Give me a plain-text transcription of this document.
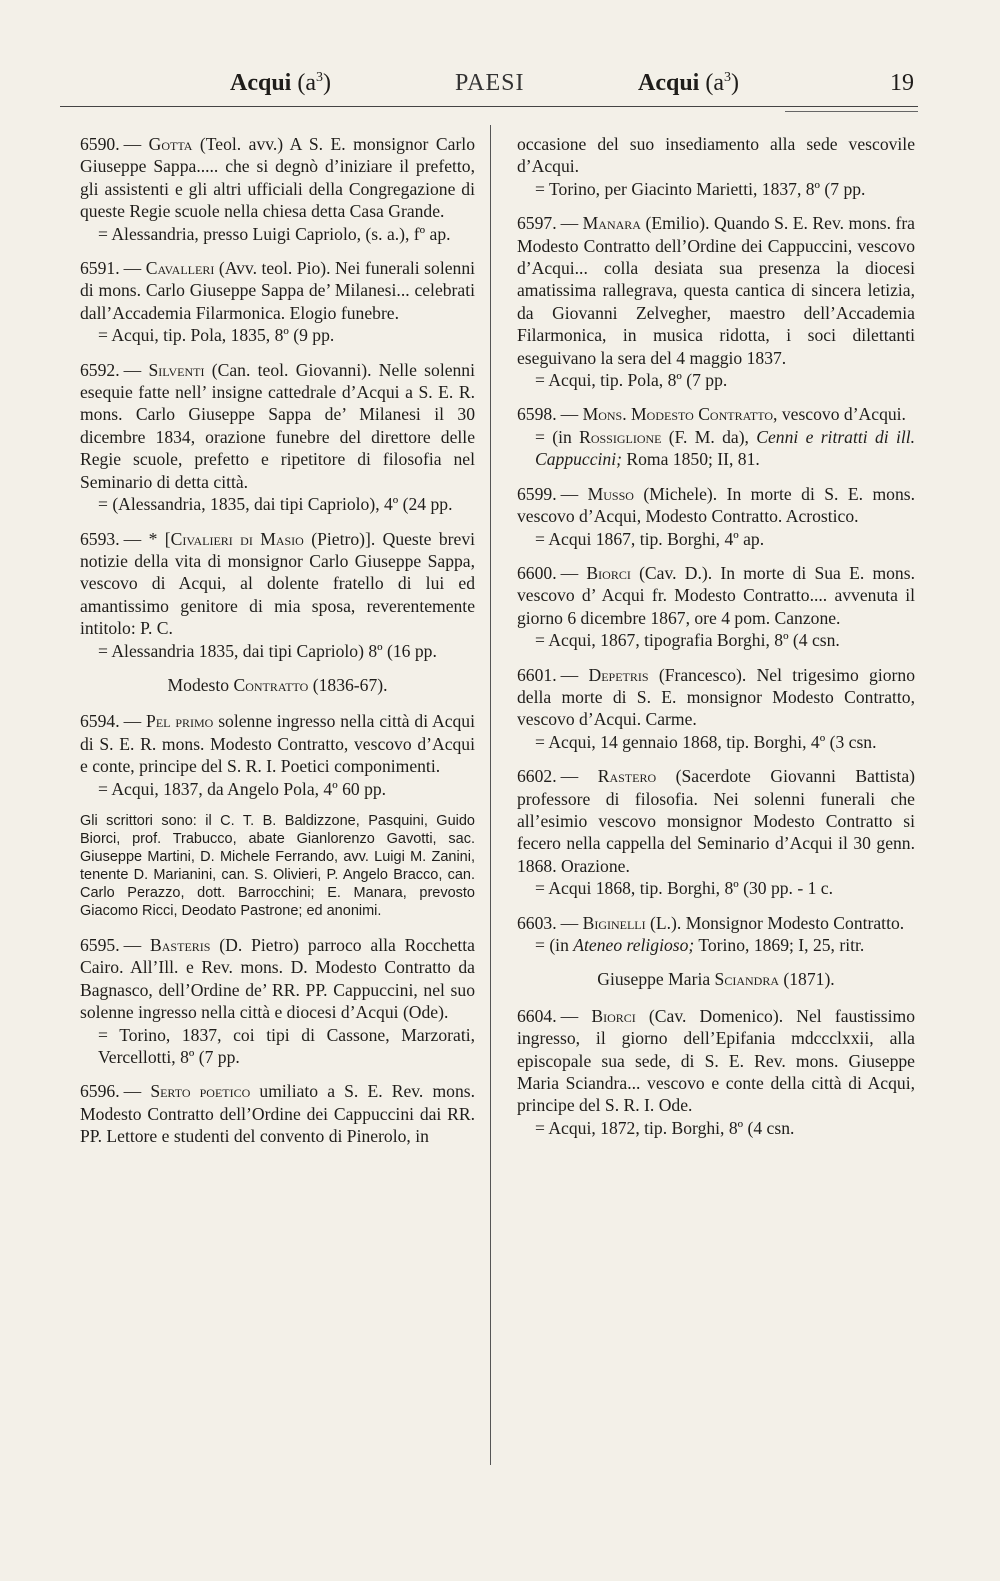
Acqui $(a^3)$	PAESI	Acqui $(a^3)$	19

6590. — Gotta (Teol. avv.) A S. E. monsignor Carlo Giuseppe Sappa..... che si degnò d’iniziare il prefetto, gli assistenti e gli altri ufficiali della Congregazione di queste Regie scuole nella chiesa detta Casa Grande.

= Alessandria, presso Luigi Capriolo, (s. a.), fº ap.

6591. — Cavalleri (Avv. teol. Pio). Nei funerali solenni di mons. Carlo Giuseppe Sappa de’ Milanesi... celebrati dall’Accademia Filarmonica. Elogio funebre.

= Acqui, tip. Pola, 1835, 8º (9 pp.

6592. — Silventi (Can. teol. Giovanni). Nelle solenni esequie fatte nell’ insigne cattedrale d’Acqui a S. E. R. mons. Carlo Giuseppe Sappa de’ Milanesi il 30 dicembre 1834, orazione funebre del direttore delle Regie scuole, prefetto e ripetitore di filosofia nel Seminario di detta città.

= (Alessandria, 1835, dai tipi Capriolo), 4º (24 pp.

6593. — * [Civalieri di Masio (Pietro)]. Queste brevi notizie della vita di monsignor Carlo Giuseppe Sappa, vescovo di Acqui, al dolente fratello di lui ed amantissimo genitore di mia sposa, reverentemente intitolo: P. C.

= Alessandria 1835, dai tipi Capriolo) 8º (16 pp.

Modesto Contratto (1836-67).

6594. — Pel primo solenne ingresso nella città di Acqui di S. E. R. mons. Modesto Contratto, vescovo d’Acqui e conte, principe del S. R. I. Poetici componimenti.

= Acqui, 1837, da Angelo Pola, 4º 60 pp.

Gli scrittori sono: il C. T. B. Baldizzone, Pasquini, Guido Biorci, prof. Trabucco, abate Gianlorenzo Gavotti, sac. Giuseppe Martini, D. Michele Ferrando, avv. Luigi M. Zanini, tenente D. Marianini, can. S. Olivieri, P. Angelo Bracco, can. Carlo Perazzo, dott. Barrocchini; E. Manara, prevosto Giacomo Ricci, Deodato Pastrone; ed anonimi.

6595. — Basteris (D. Pietro) parroco alla Rocchetta Cairo. All’Ill. e Rev. mons. D. Modesto Contratto da Bagnasco, dell’Ordine de’ RR. PP. Cappuccini, nel suo solenne ingresso nella città e diocesi d’Acqui (Ode).

= Torino, 1837, coi tipi di Cassone, Marzorati, Vercellotti, 8º (7 pp.

6596. — Serto poetico umiliato a S. E. Rev. mons. Modesto Contratto dell’Ordine dei Cappuccini dai RR. PP. Lettore e studenti del convento di Pinerolo, in

occasione del suo insediamento alla sede vescovile d’Acqui.

= Torino, per Giacinto Marietti, 1837, 8º (7 pp.

6597. — Manara (Emilio). Quando S. E. Rev. mons. fra Modesto Contratto dell’Ordine dei Cappuccini, vescovo d’Acqui... colla desiata sua presenza la diocesi amatissima rallegrava, questa cantica di sincera letizia, da Giovanni Zelvegher, maestro dell’Accademia Filarmonica, in musica ridotta, i soci dilettanti eseguivano la sera del 4 maggio 1837.

= Acqui, tip. Pola, 8º (7 pp.

6598. — Mons. Modesto Contratto, vescovo d’Acqui.

= (in Rossiglione (F. M. da), Cenni e ritratti di ill. Cappuccini; Roma 1850; II, 81.

6599. — Musso (Michele). In morte di S. E. mons. vescovo d’Acqui, Modesto Contratto. Acrostico.

= Acqui 1867, tip. Borghi, 4º ap.

6600. — Biorci (Cav. D.). In morte di Sua E. mons. vescovo d’ Acqui fr. Modesto Contratto.... avvenuta il giorno 6 dicembre 1867, ore 4 pom. Canzone.

= Acqui, 1867, tipografia Borghi, 8º (4 csn.

6601. — Depetris (Francesco). Nel trigesimo giorno della morte di S. E. monsignor Modesto Contratto, vescovo d’Acqui. Carme.

= Acqui, 14 gennaio 1868, tip. Borghi, 4º (3 csn.

6602. — Rastero (Sacerdote Giovanni Battista) professore di filosofia. Nei solenni funerali che all’esimio vescovo monsignor Modesto Contratto si fecero nella cappella del Seminario d’Acqui il 30 genn. 1868. Orazione.

= Acqui 1868, tip. Borghi, 8º (30 pp. - 1 c.

6603. — Biginelli (L.). Monsignor Modesto Contratto.

= (in Ateneo religioso; Torino, 1869; I, 25, ritr.

Giuseppe Maria Sciandra (1871).

6604. — Biorci (Cav. Domenico). Nel faustissimo ingresso, il giorno dell’Epifania mdccclxxii, alla episcopale sua sede, di S. E. Rev. mons. Giuseppe Maria Sciandra... vescovo e conte della città di Acqui, principe del S. R. I. Ode.

= Acqui, 1872, tip. Borghi, 8º (4 csn.
